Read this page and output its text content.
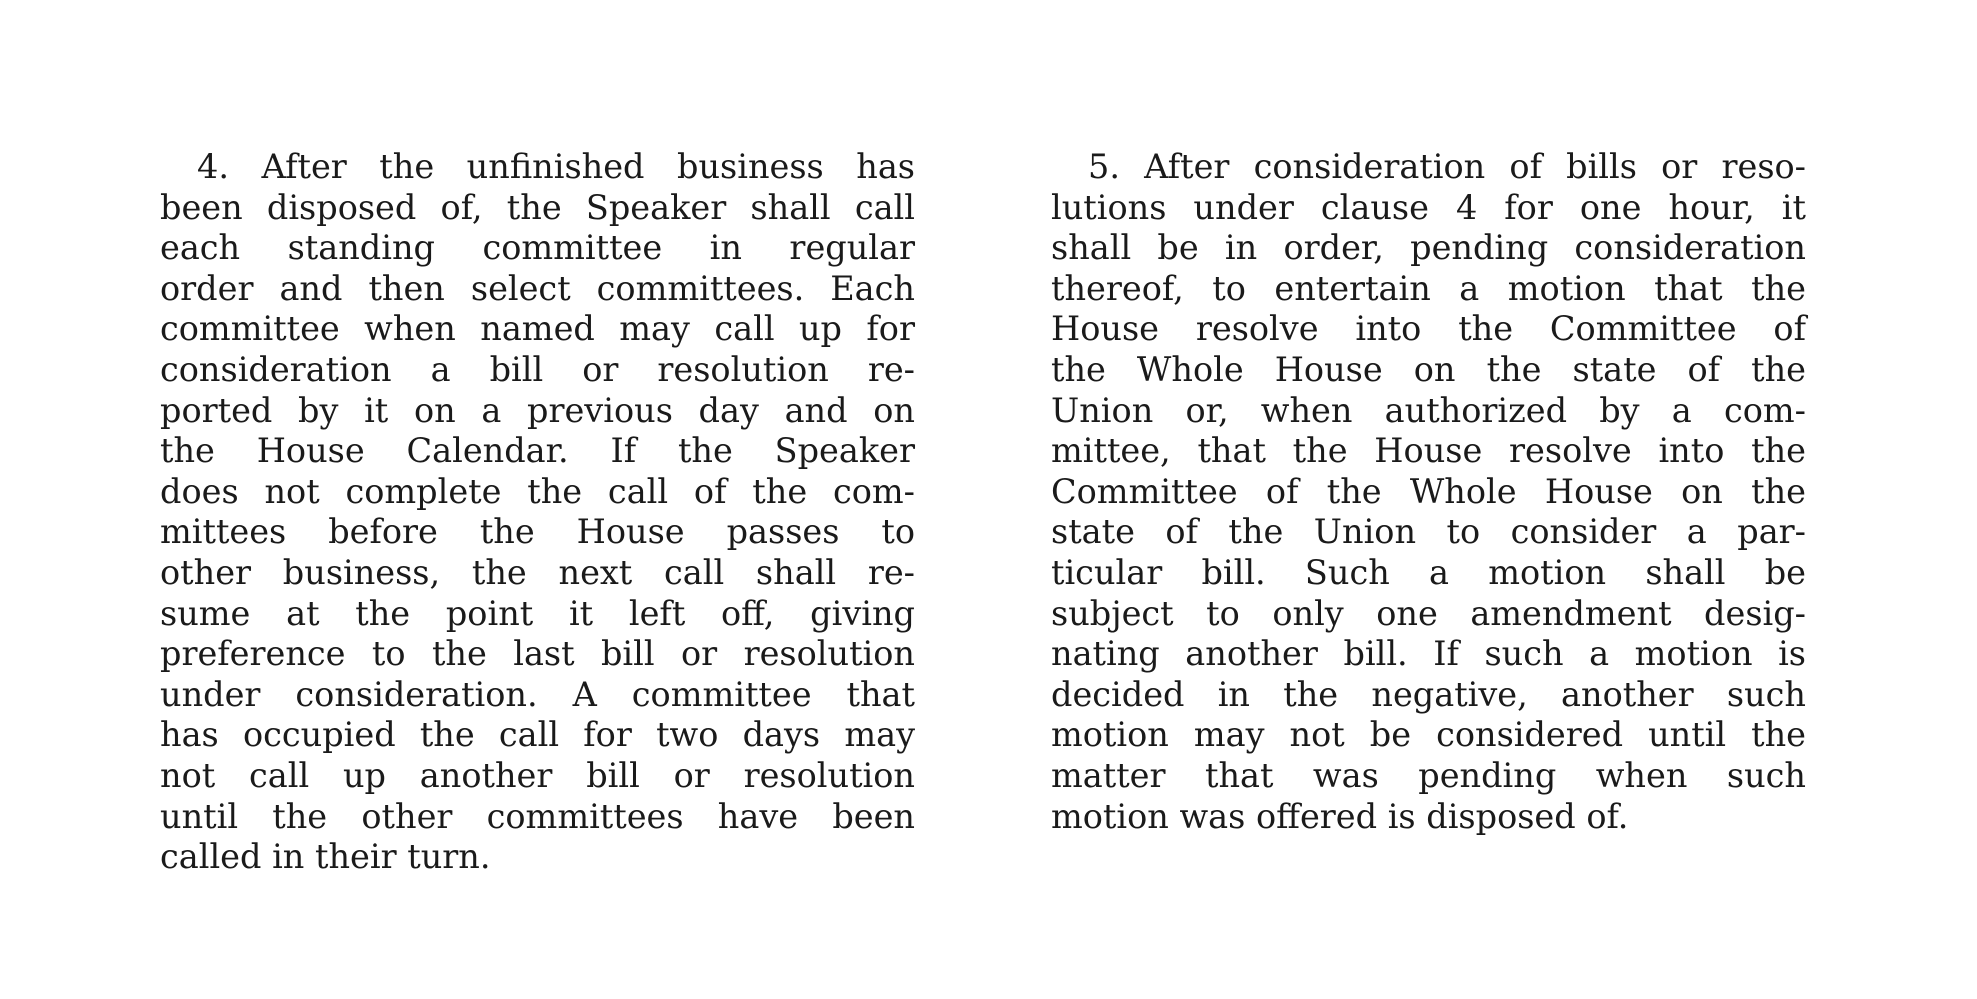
4. After the unfinished business has
been disposed of, the Speaker shall call
each standing committee in regular
order and then select committees. Each
committee when named may call up for
consideration a bill or resolution re-
ported by it on a previous day and on
the House Calendar. If the Speaker
does not complete the call of the com-
mittees before the House passes to
other business, the next call shall re-
sume at the point it left off, giving
preference to the last bill or resolution
under consideration. A committee that
has occupied the call for two days may
not call up another bill or resolution
until the other committees have been
called in their turn.
5. After consideration of bills or reso-
lutions under clause 4 for one hour, it
shall be in order, pending consideration
thereof, to entertain a motion that the
House resolve into the Committee of
the Whole House on the state of the
Union or, when authorized by a com-
mittee, that the House resolve into the
Committee of the Whole House on the
state of the Union to consider a par-
ticular bill. Such a motion shall be
subject to only one amendment desig-
nating another bill. If such a motion is
decided in the negative, another such
motion may not be considered until the
matter that was pending when such
motion was offered is disposed of.
